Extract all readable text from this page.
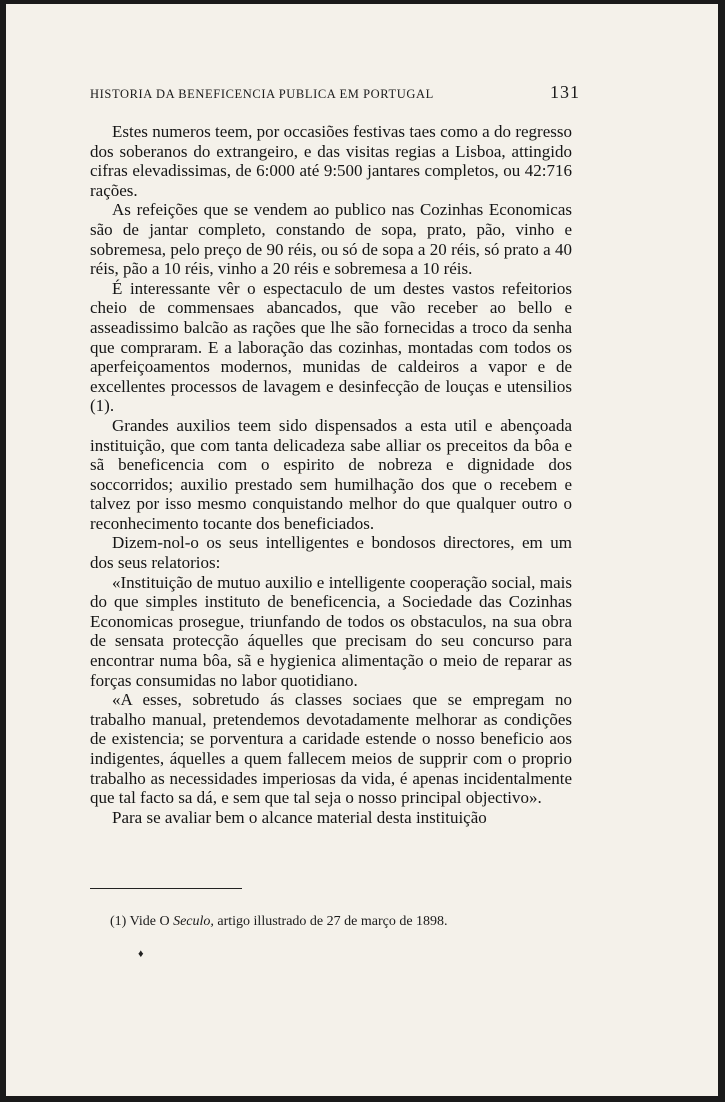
HISTORIA DA BENEFICENCIA PUBLICA EM PORTUGAL	131

Estes numeros teem, por occasiões festivas taes como a do regresso dos soberanos do extrangeiro, e das visitas regias a Lisboa, attingido cifras elevadissimas, de 6:000 até 9:500 jantares completos, ou 42:716 rações.

As refeições que se vendem ao publico nas Cozinhas Economicas são de jantar completo, constando de sopa, prato, pão, vinho e sobremesa, pelo preço de 90 réis, ou só de sopa a 20 réis, só prato a 40 réis, pão a 10 réis, vinho a 20 réis e sobremesa a 10 réis.

É interessante vêr o espectaculo de um destes vastos refeitorios cheio de commensaes abancados, que vão receber ao bello e asseadissimo balcão as rações que lhe são fornecidas a troco da senha que compraram. E a laboração das cozinhas, montadas com todos os aperfeiçoamentos modernos, munidas de caldeiros a vapor e de excellentes processos de lavagem e desinfecção de louças e utensilios (1).

Grandes auxilios teem sido dispensados a esta util e abençoada instituição, que com tanta delicadeza sabe alliar os preceitos da bôa e sã beneficencia com o espirito de nobreza e dignidade dos soccorridos; auxilio prestado sem humilhação dos que o recebem e talvez por isso mesmo conquistando melhor do que qualquer outro o reconhecimento tocante dos beneficiados.

Dizem-nol-o os seus intelligentes e bondosos directores, em um dos seus relatorios:

«Instituição de mutuo auxilio e intelligente cooperação social, mais do que simples instituto de beneficencia, a Sociedade das Cozinhas Economicas prosegue, triunfando de todos os obstaculos, na sua obra de sensata protecção áquelles que precisam do seu concurso para encontrar numa bôa, sã e hygienica alimentação o meio de reparar as forças consumidas no labor quotidiano.

«A esses, sobretudo ás classes sociaes que se empregam no trabalho manual, pretendemos devotadamente melhorar as condições de existencia; se porventura a caridade estende o nosso beneficio aos indigentes, áquelles a quem fallecem meios de supprir com o proprio trabalho as necessidades imperiosas da vida, é apenas incidentalmente que tal facto sa dá, e sem que tal seja o nosso principal objectivo».

Para se avaliar bem o alcance material desta instituição

(1) Vide O Seculo, artigo illustrado de 27 de março de 1898.
♦
